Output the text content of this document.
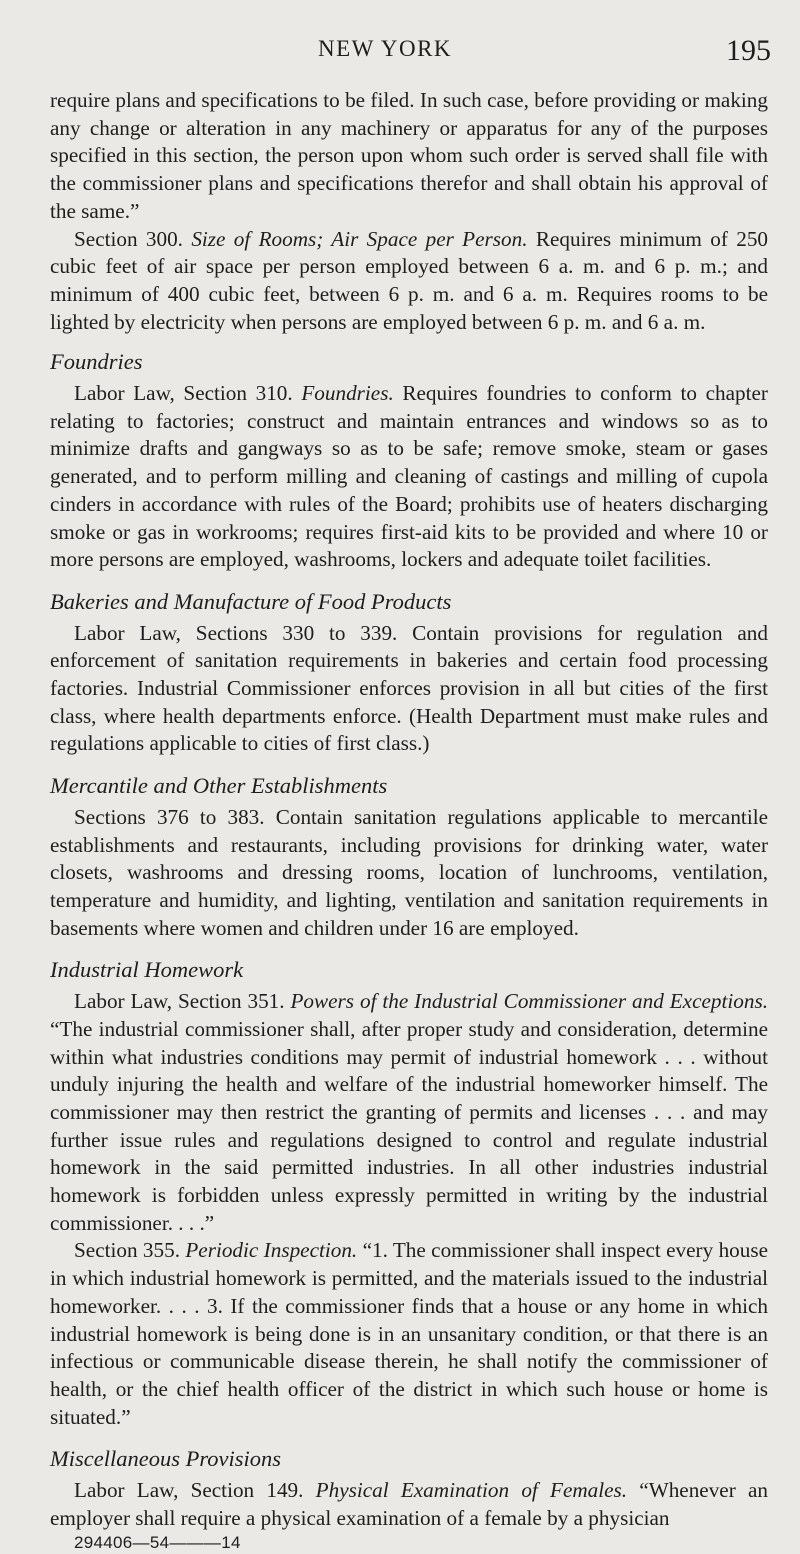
NEW YORK	195

require plans and specifications to be filed. In such case, before providing or making any change or alteration in any machinery or apparatus for any of the purposes specified in this section, the person upon whom such order is served shall file with the commissioner plans and specifications therefor and shall obtain his approval of the same.”

Section 300. Size of Rooms; Air Space per Person. Requires minimum of 250 cubic feet of air space per person employed between 6 a. m. and 6 p. m.; and minimum of 400 cubic feet, between 6 p. m. and 6 a. m. Requires rooms to be lighted by electricity when persons are employed between 6 p. m. and 6 a. m.

Foundries

Labor Law, Section 310. Foundries. Requires foundries to conform to chapter relating to factories; construct and maintain entrances and windows so as to minimize drafts and gangways so as to be safe; remove smoke, steam or gases generated, and to perform milling and cleaning of castings and milling of cupola cinders in accordance with rules of the Board; prohibits use of heaters discharging smoke or gas in workrooms; requires first-aid kits to be provided and where 10 or more persons are employed, washrooms, lockers and adequate toilet facilities.

Bakeries and Manufacture of Food Products

Labor Law, Sections 330 to 339. Contain provisions for regulation and enforcement of sanitation requirements in bakeries and certain food processing factories. Industrial Commissioner enforces provision in all but cities of the first class, where health departments enforce. (Health Department must make rules and regulations applicable to cities of first class.)

Mercantile and Other Establishments

Sections 376 to 383. Contain sanitation regulations applicable to mercantile establishments and restaurants, including provisions for drinking water, water closets, washrooms and dressing rooms, location of lunchrooms, ventilation, temperature and humidity, and lighting, ventilation and sanitation requirements in basements where women and children under 16 are employed.

Industrial Homework

Labor Law, Section 351. Powers of the Industrial Commissioner and Exceptions. “The industrial commissioner shall, after proper study and consideration, determine within what industries conditions may permit of industrial homework . . . without unduly injuring the health and welfare of the industrial homeworker himself. The commissioner may then restrict the granting of permits and licenses . . . and may further issue rules and regulations designed to control and regulate industrial homework in the said permitted industries. In all other industries industrial homework is forbidden unless expressly permitted in writing by the industrial commissioner. . . .”

Section 355. Periodic Inspection. “1. The commissioner shall inspect every house in which industrial homework is permitted, and the materials issued to the industrial homeworker. . . . 3. If the commissioner finds that a house or any home in which industrial homework is being done is in an unsanitary condition, or that there is an infectious or communicable disease therein, he shall notify the commissioner of health, or the chief health officer of the district in which such house or home is situated.”

Miscellaneous Provisions

Labor Law, Section 149. Physical Examination of Females. “Whenever an employer shall require a physical examination of a female by a physician

294406—54———14
